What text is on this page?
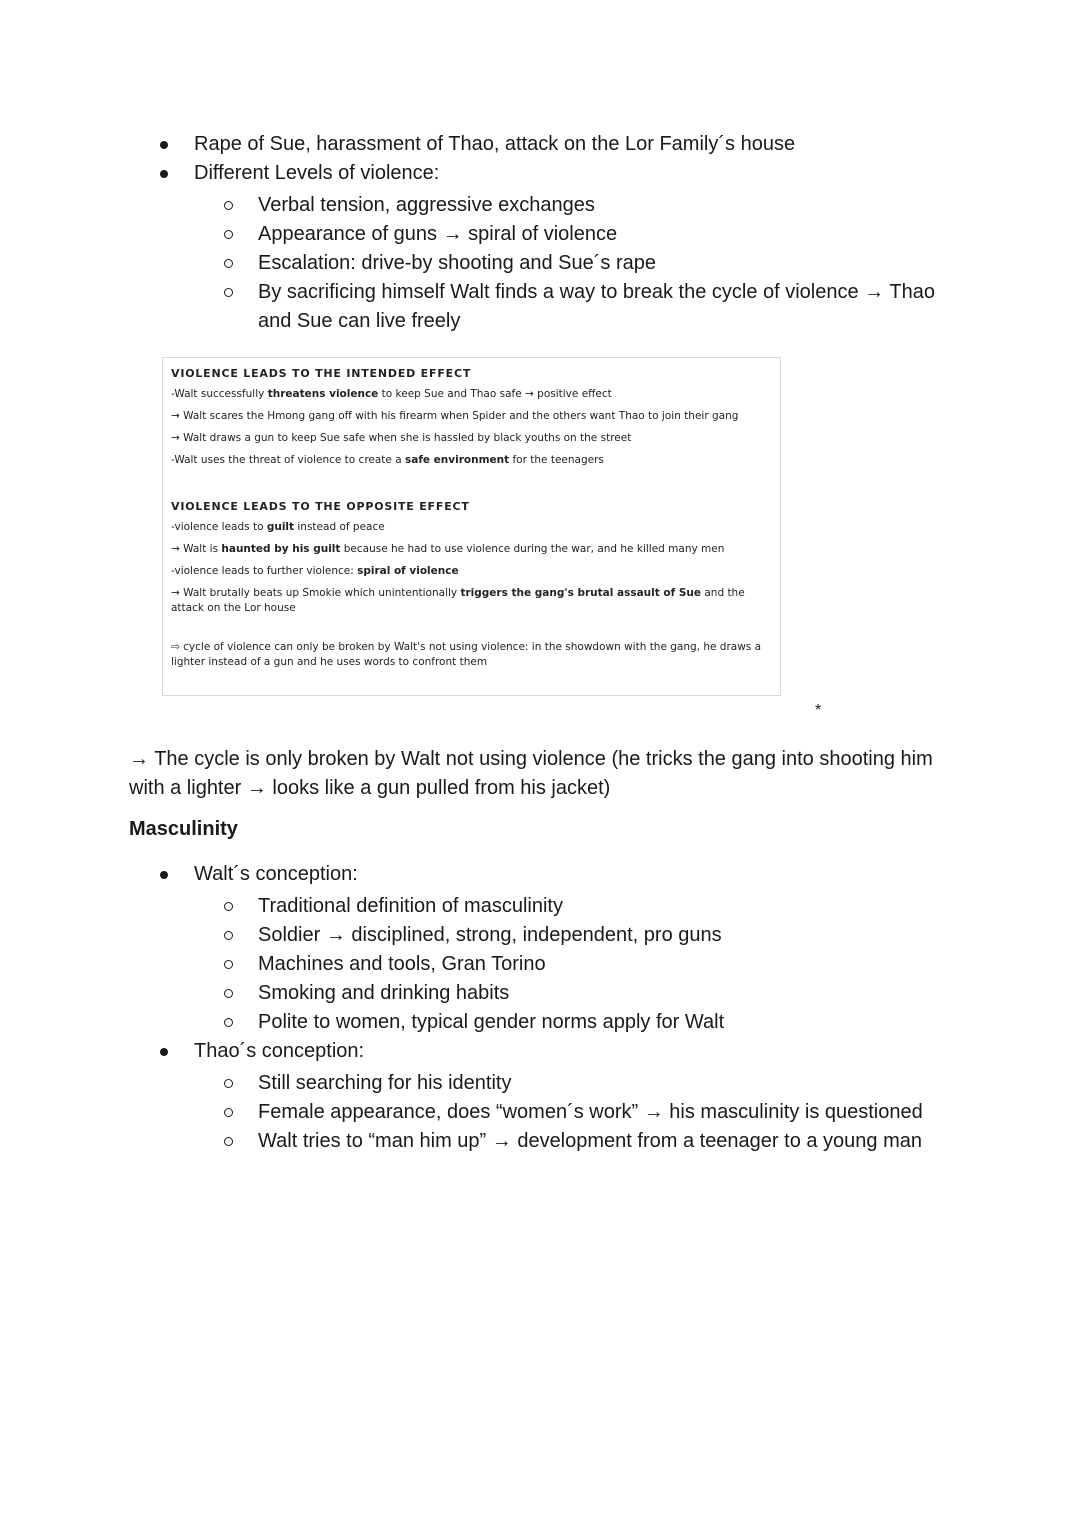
Rape of Sue, harassment of Thao, attack on the Lor Family´s house
Different Levels of violence:
Verbal tension, aggressive exchanges
Appearance of guns → spiral of violence
Escalation: drive-by shooting and Sue´s rape
By sacrificing himself Walt finds a way to break the cycle of violence → Thao and Sue can live freely
VIOLENCE LEADS TO THE INTENDED EFFECT
-Walt successfully threatens violence to keep Sue and Thao safe → positive effect
→ Walt scares the Hmong gang off with his firearm when Spider and the others want Thao to join their gang
→ Walt draws a gun to keep Sue safe when she is hassled by black youths on the street
-Walt uses the threat of violence to create a safe environment for the teenagers
VIOLENCE LEADS TO THE OPPOSITE EFFECT
-violence leads to guilt instead of peace
→ Walt is haunted by his guilt because he had to use violence during the war, and he killed many men
-violence leads to further violence: spiral of violence
→ Walt brutally beats up Smokie which unintentionally triggers the gang's brutal assault of Sue and the attack on the Lor house
⇨ cycle of violence can only be broken by Walt's not using violence: in the showdown with the gang, he draws a lighter instead of a gun and he uses words to confront them
*
→ The cycle is only broken by Walt not using violence (he tricks the gang into shooting him with a lighter → looks like a gun pulled from his jacket)
Masculinity
Walt´s conception:
Traditional definition of masculinity
Soldier → disciplined, strong, independent, pro guns
Machines and tools, Gran Torino
Smoking and drinking habits
Polite to women, typical gender norms apply for Walt
Thao´s conception:
Still searching for his identity
Female appearance, does “women´s work” → his masculinity is questioned
Walt tries to “man him up” → development from a teenager to a young man
